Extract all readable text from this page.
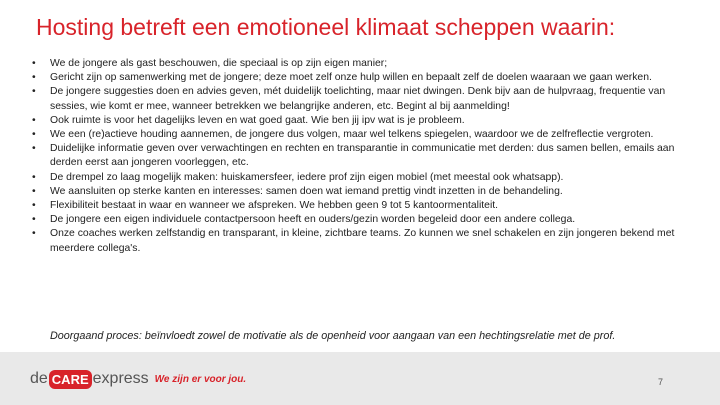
Hosting betreft een emotioneel klimaat scheppen waarin:
• We de jongere als gast beschouwen, die speciaal is op zijn eigen manier;
• Gericht zijn op samenwerking met de jongere; deze moet zelf onze hulp willen en bepaalt zelf de doelen waaraan we gaan werken.
• De jongere suggesties doen en advies geven, mét duidelijk toelichting, maar niet dwingen. Denk bijv aan de hulpvraag, frequentie van sessies, wie komt er mee, wanneer betrekken we belangrijke anderen, etc. Begint al bij aanmelding!
• Ook ruimte is voor het dagelijks leven en wat goed gaat. Wie ben jij ipv wat is je probleem.
• We een (re)actieve houding aannemen, de jongere dus volgen, maar wel telkens spiegelen, waardoor we de zelfreflectie vergroten.
• Duidelijke informatie geven over verwachtingen en rechten en transparantie in communicatie met derden: dus samen bellen, emails aan derden eerst aan jongeren voorleggen, etc.
• De drempel zo laag mogelijk maken: huiskamersfeer, iedere prof zijn eigen mobiel (met meestal ook whatsapp).
• We aansluiten op sterke kanten en interesses: samen doen wat iemand prettig vindt inzetten in de behandeling.
• Flexibiliteit bestaat in waar en wanneer we afspreken. We hebben geen 9 tot 5 kantoormentaliteit.
• De jongere een eigen individuele contactpersoon heeft en ouders/gezin worden begeleid door een andere collega.
• Onze coaches werken zelfstandig en transparant, in kleine, zichtbare teams. Zo kunnen we snel schakelen en zijn jongeren bekend met meerdere collega's.
Doorgaand proces: beïnvloedt zowel de motivatie als de openheid voor aangaan van een hechtingsrelatie met de prof.
de CARE express We zijn er voor jou.	7
